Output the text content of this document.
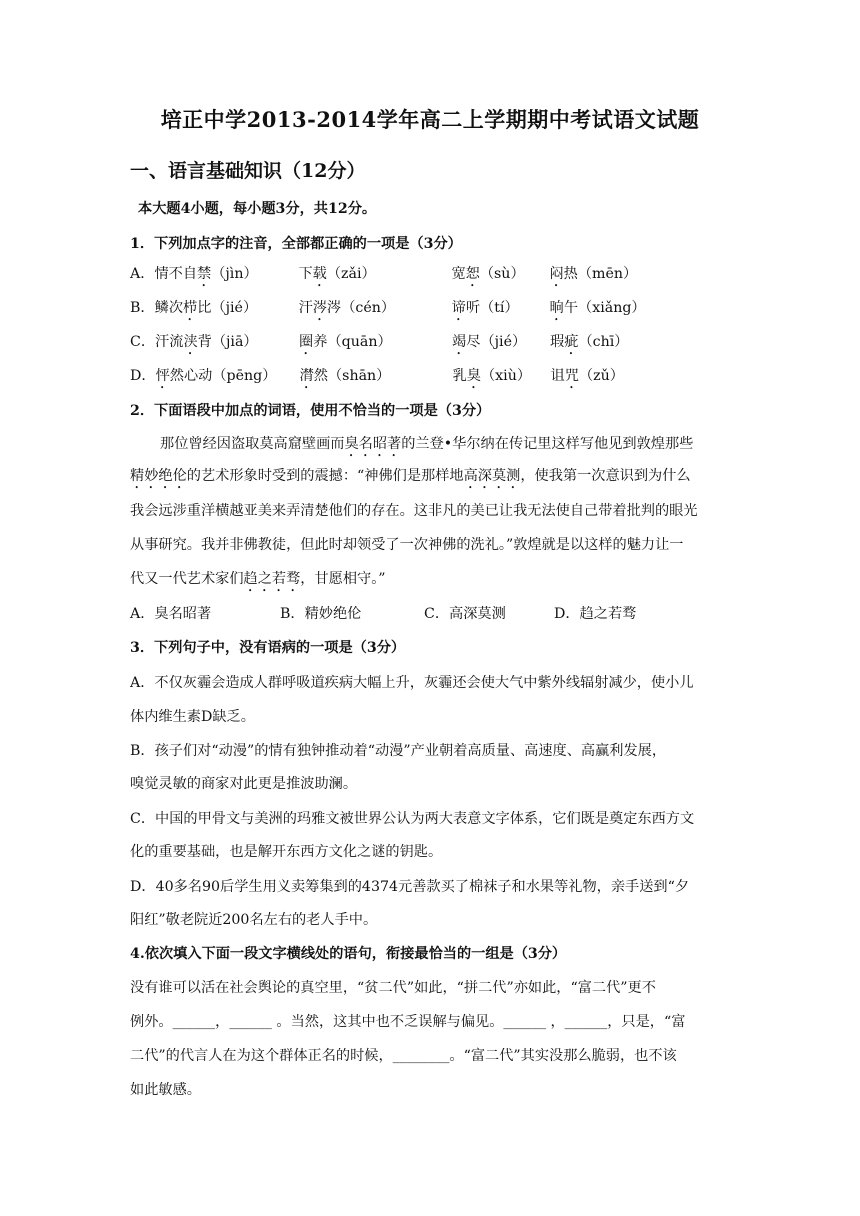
培正中学2013-2014学年高二上学期期中考试语文试题
一、语言基础知识（12分）
本大题4小题，每小题3分，共12分。
1．下列加点字的注音，全部都正确的一项是（3分）
A．情不自禁（jìn）	下载（zǎi）	宽恕（sù） 闷热（mēn）
B．鳞次栉比（jié）	汗涔涔（cén）	谛听（tí） 晌午（xiǎng）
C．汗流浃背（jiā）	圈养（quān）	竭尽（jié） 瑕疵（chī）
D．怦然心动（pēng） 潸然（shān）	乳臭（xiù） 诅咒（zǔ）
2．下面语段中加点的词语，使用不恰当的一项是（3分）
那位曾经因盗取莫高窟壁画而臭名昭著的兰登•华尔纳在传记里这样写他见到敦煌那些
精妙绝伦的艺术形象时受到的震撼：“神佛们是那样地高深莫测，使我第一次意识到为什么
我会远涉重洋横越亚美来弄清楚他们的存在。这非凡的美已让我无法使自己带着批判的眼光
从事研究。我并非佛教徒，但此时却领受了一次神佛的洗礼。”敦煌就是以这样的魅力让一
代又一代艺术家们趋之若骛，甘愿相守。”
A．臭名昭著	B．精妙绝伦	C．高深莫测	D．趋之若骛
3．下列句子中，没有语病的一项是（3分）
A．不仅灰霾会造成人群呼吸道疾病大幅上升，灰霾还会使大气中紫外线辐射减少，使小儿
体内维生素D缺乏。
B．孩子们对“动漫”的情有独钟推动着“动漫”产业朝着高质量、高速度、高赢利发展，
嗅觉灵敏的商家对此更是推波助澜。
C．中国的甲骨文与美洲的玛雅文被世界公认为两大表意文字体系，它们既是奠定东西方文
化的重要基础，也是解开东西方文化之谜的钥匙。
D．40多名90后学生用义卖筹集到的4374元善款买了棉袜子和水果等礼物，亲手送到“夕
阳红”敬老院近200名左右的老人手中。
4.依次填入下面一段文字横线处的语句，衔接最恰当的一组是（3分）
没有谁可以活在社会舆论的真空里，“贫二代”如此，“拼二代”亦如此，“富二代”更不
例外。______，______ 。当然，这其中也不乏误解与偏见。______ ，______，只是，“富
二代”的代言人在为这个群体正名的时候，________。“富二代”其实没那么脆弱，也不该
如此敏感。
